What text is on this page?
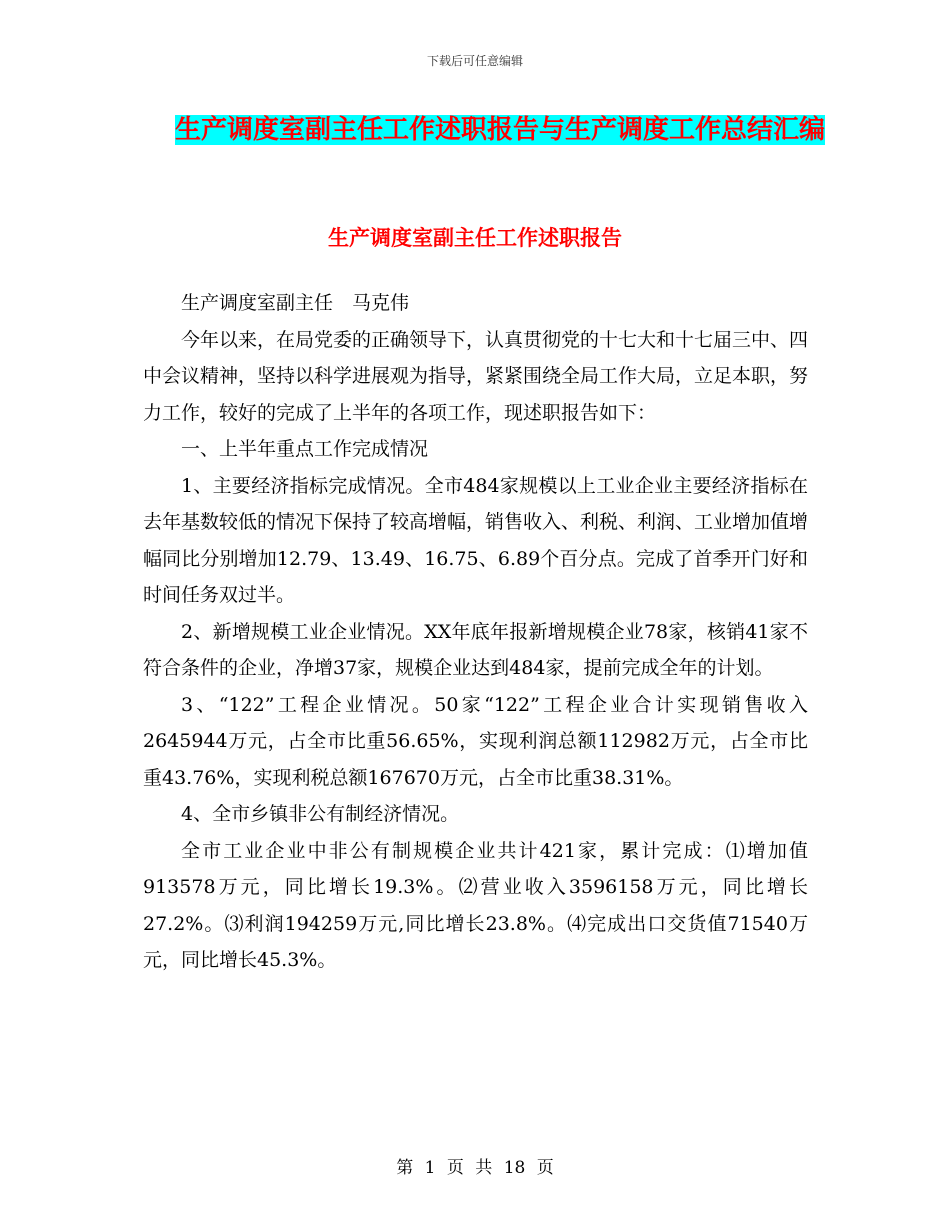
下载后可任意编辑
生产调度室副主任工作述职报告与生产调度工作总结汇编
生产调度室副主任工作述职报告

生产调度室副主任　马克伟

今年以来，在局党委的正确领导下，认真贯彻党的十七大和十七届三中、四中会议精神，坚持以科学进展观为指导，紧紧围绕全局工作大局，立足本职，努力工作，较好的完成了上半年的各项工作，现述职报告如下：

一、上半年重点工作完成情况

1、主要经济指标完成情况。全市484家规模以上工业企业主要经济指标在去年基数较低的情况下保持了较高增幅，销售收入、利税、利润、工业增加值增幅同比分别增加12.79、13.49、16.75、6.89个百分点。完成了首季开门好和时间任务双过半。

2、新增规模工业企业情况。XX年底年报新增规模企业78家，核销41家不符合条件的企业，净增37家，规模企业达到484家，提前完成全年的计划。

3、“122”工程企业情况。50家“122”工程企业合计实现销售收入2645944万元，占全市比重56.65%，实现利润总额112982万元，占全市比重43.76%，实现利税总额167670万元，占全市比重38.31%。

4、全市乡镇非公有制经济情况。

全市工业企业中非公有制规模企业共计421家，累计完成：⑴增加值913578万元，同比增长19.3%。⑵营业收入3596158万元，同比增长27.2%。⑶利润194259万元,同比增长23.8%。⑷完成出口交货值71540万元，同比增长45.3%。

第 1 页 共 18 页
